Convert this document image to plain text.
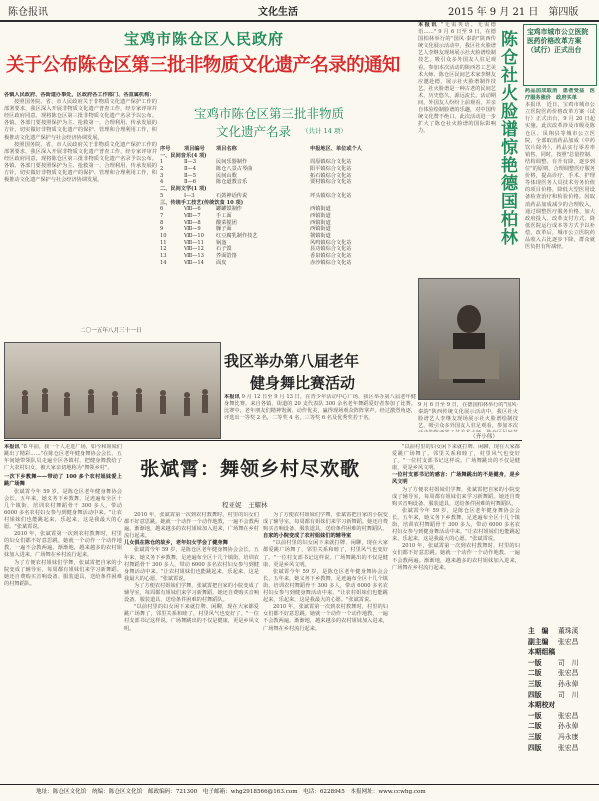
陈仓报讯	文化生活	2015 年 9 月 21 日　第四版
宝鸡市陈仓区人民政府
关于公布陈仓区第三批非物质文化遗产名录的通知
各镇人民政府、各街道办事处，区政府各工作部门、各直属机构：
按照国务院、省、市人民政府关于非物质文化遗产保护工作的部署要求，我区深入开展非物质文化遗产普查工作，经专家评审并经区政府同意，现将陈仓区第三批非物质文化遗产名录予以公布。各镇、各部门要按照保护为主、抢救第一、合理利用、传承发展的方针，切实做好非物质文化遗产的保护、管理和合理利用工作，积极推动文化遗产保护与社会经济协调发展。
按照国务院、省、市人民政府关于非物质文化遗产保护工作的部署要求，我区深入开展非物质文化遗产普查工作，经专家评审并经区政府同意，现将陈仓区第三批非物质文化遗产名录予以公布。各镇、各部门要按照保护为主、抢救第一、合理利用、传承发展的方针，切实做好非物质文化遗产的保护、管理和合理利用工作，积极推动文化遗产保护与社会经济协调发展。
二〇一五年八月三十一日
宝鸡市陈仓区第三批非物质
文化遗产名录 （共计 14 项）
序号	项目编号 项目名称	申报地区、单位或个人
一、民间音乐(4 项)
1	Ⅱ—3	民间乐器制作	周原镇综合文化站
2	Ⅱ—4	陈仓八景古琴曲	阳平镇综合文化站
3	Ⅱ—5	民间山歌	拓石镇综合文化站
4	Ⅱ—6	陈仓道教音乐	贾村镇综合文化站
二、民间文学(1 项)
5	Ⅰ—3	石鼓神话传说	坪头镇综合文化站
三、传统手工技艺(传统饮食 10 项)
6	Ⅷ—6	罐罐馍制作	西镇街道
7	Ⅷ—7	手工面	西镇街道
8	Ⅷ—8	酸菜搅团	西镇街道
9	Ⅷ—9	臊子面	西镇街道
10	Ⅷ—10 红豆腐乳制作技艺	虢镇街道
11	Ⅷ—11 锅盔	风鸣镇综合文化站
12	Ⅷ—12 石子馍	县功镇综合文化站
13	Ⅷ—13 荞面饸饹	香泉镇综合文化站
14	Ⅷ—14 面皮	赤沙镇综合文化站
我区举办第八届老年
健身舞比赛活动
本报讯 9 月 12 日至 9 月 13 日，在青少年活动中心广场，我区举办第八届老年健身舞比赛。来自各镇、街道的 20 支代表队 300 余名老年舞蹈爱好者参加了比赛。比赛中，老年朋友们精神饱满、动作优美，赢得现场观众阵阵掌声。经过激烈角逐，评选出一等奖 2 名，二等奖 4 名，三等奖 6 名及优秀奖若干名。
本报讯 "无需英语，无需德语……" 9 月 6 日至 9 日，在德国柏林举行的"国风·秦韵"陕西传统文化展示活动中，我区社火脸谱艺人李继友现场展示社火脸谱绘制技艺，吸引众多外国友人驻足观看。参加本次活动的陕西省工艺美术大师、陈仓区民间艺术家李继友应邀赴德，展示社火脸谱制作技艺。社火脸谱是一种古老的民间艺术，历史悠久，源远流长。活动期间，外国友人纷纷上前观看，并亲自体验绘制脸谱的乐趣，对中国传统文化赞不绝口。此次活动进一步扩大了陈仓社火脸谱的国际影响力。	陈仓社火脸谱惊艳德国柏林
9 月 6 日至 9 日，在德国柏林举行的"国风·秦韵"陕西传统文化展示活动中，我区社火脸谱艺人李继友现场展示社火脸谱绘制技艺，吸引众多外国友人驻足观看。参加本次
（齐小伟）
宝鸡市城市公立医院医药价格改革方案（试行）正式出台
药品加成取消　患者受益　医疗服务涨价　政府买单
本报讯　近日，宝鸡市城市公立医院医药价格改革方案（试行）正式出台，9 月 20 日起实施。此次改革涉及市级及陈仓区、凤翔县等城市公立医院，全部取消药品加成（中药饮片除外），药品实行零差率销售。同时，按照"总量控制、结构调整、有升有降、逐步到位"的原则，合理调整医疗服务价格，提高诊疗、手术、护理等体现医务人员技术劳务价值的项目价格，降低大型医用设备检查治疗和检验价格。因取消药品加成减少的合理收入，通过调整医疗服务价格、加大政府投入、改革支付方式、降低医院运行成本等方式予以补偿。改革后，城市公立医院药品收入占比逐步下降，群众就医负担有所减轻。
主　编 董珠溪
副主编 张宏昌
本期组稿
一版 司　川
二版 张宏昌
三版 孙永倬
四版 司　川
本期校对
一版 张宏昌
二版 孙永倬
三版 冯永康
四版 张宏昌
本报讯 "8 年前，我一个人走进广场，如今和姐妹们跳出了精彩……"在陈仓区老年健身舞协会会长、五年间她带领队员走遍全区各镇村，把健身舞教给了广大农村妇女，被大家亲切地称为"舞领乡村"。
一次下乡教舞——带动了 100 多个农村姐妹爱上跳广场舞
张斌霄今年 59 岁，是陈仓区老年健身舞协会会长。五年来，她义务下乡教舞，足迹遍布全区十几个镇街，培训农村舞蹈骨干 300 多人，带动 6000 多名农村妇女参与到健身舞活动中来。"让农村姐妹们也能跳起来，乐起来，这是我最大的心愿。"张斌霄说。
2010 年，张斌霄第一次到农村教舞时，村里的妇女们都不好意思跳。她就一个动作一个动作地教，一遍不会教两遍。渐渐地，越来越多的农村姐妹加入进来，广场舞在乡村流行起来。
为了方便农村姐妹们学舞，张斌霄把自家的小院变成了辅导室，每周都有姐妹们来学习新舞蹈。她还自费购买音响设备、服装道具，送给条件困难的村舞蹈队。
张斌霄：舞领乡村尽欢歌
程亚妮　王耀林
2010 年，张斌霄第一次到农村教舞时，村里的妇女们都不好意思跳。她就一个动作一个动作地教，一遍不会教两遍。渐渐地，越来越多的农村姐妹加入进来，广场舞在乡村流行起来。
儿女俱在陈仓的故乡，老年妇女学会了健身舞
张斌霄今年 59 岁，是陈仓区老年健身舞协会会长。五年来，她义务下乡教舞，足迹遍布全区十几个镇街，培训农村舞蹈骨干 300 多人，带动 6000 多名农村妇女参与到健身舞活动中来。"让农村姐妹们也能跳起来，乐起来，这是我最大的心愿。"张斌霄说。
为了方便农村姐妹们学舞，张斌霄把自家的小院变成了辅导室，每周都有姐妹们来学习新舞蹈。她还自费购买音响设备、服装道具，送给条件困难的村舞蹈队。
"以前村里的妇女闲下来就打牌、闲聊，现在大家都爱跳广场舞了，邻里关系和睦了，村里风气也变好了。"一位村支部书记这样说。广场舞跳出的不仅是健康，更是乡风文明。
为了方便农村姐妹们学舞，张斌霄把自家的小院变成了辅导室，每周都有姐妹们来学习新舞蹈。她还自费购买音响设备、服装道具，送给条件困难的村舞蹈队。
自家的小院变成了农村姐妹们的辅导室
"以前村里的妇女闲下来就打牌、闲聊，现在大家都爱跳广场舞了，邻里关系和睦了，村里风气也变好了。"一位村支部书记这样说。广场舞跳出的不仅是健康，更是乡风文明。
张斌霄今年 59 岁，是陈仓区老年健身舞协会会长。五年来，她义务下乡教舞，足迹遍布全区十几个镇街，培训农村舞蹈骨干 300 多人，带动 6000 多名农村妇女参与到健身舞活动中来。"让农村姐妹们也能跳起来，乐起来，这是我最大的心愿。"张斌霄说。
2010 年，张斌霄第一次到农村教舞时，村里的妇女们都不好意思跳。她就一个动作一个动作地教，一遍不会教两遍。渐渐地，越来越多的农村姐妹加入进来，广场舞在乡村流行起来。
"以前村里的妇女闲下来就打牌、闲聊，现在大家都爱跳广场舞了，邻里关系和睦了，村里风气也变好了。"一位村支部书记这样说。广场舞跳出的不仅是健康，更是乡风文明。
一位村支部书记的感言：广场舞跳出的不是健身，是乡风文明
为了方便农村姐妹们学舞，张斌霄把自家的小院变成了辅导室，每周都有姐妹们来学习新舞蹈。她还自费购买音响设备、服装道具，送给条件困难的村舞蹈队。
张斌霄今年 59 岁，是陈仓区老年健身舞协会会长。五年来，她义务下乡教舞，足迹遍布全区十几个镇街，培训农村舞蹈骨干 300 多人，带动 6000 多名农村妇女参与到健身舞活动中来。"让农村姐妹们也能跳起来，乐起来，这是我最大的心愿。"张斌霄说。
2010 年，张斌霄第一次到农村教舞时，村里的妇女们都不好意思跳。她就一个动作一个动作地教，一遍不会教两遍。渐渐地，越来越多的农村姐妹加入进来，广场舞在乡村流行起来。
地址：陈仓区文化馆　统编：陈仓区文化馆　邮政编码：721300　电子邮箱：whg2918566@163.com　电话：6228945　本报网址：www.ccwhg.com
